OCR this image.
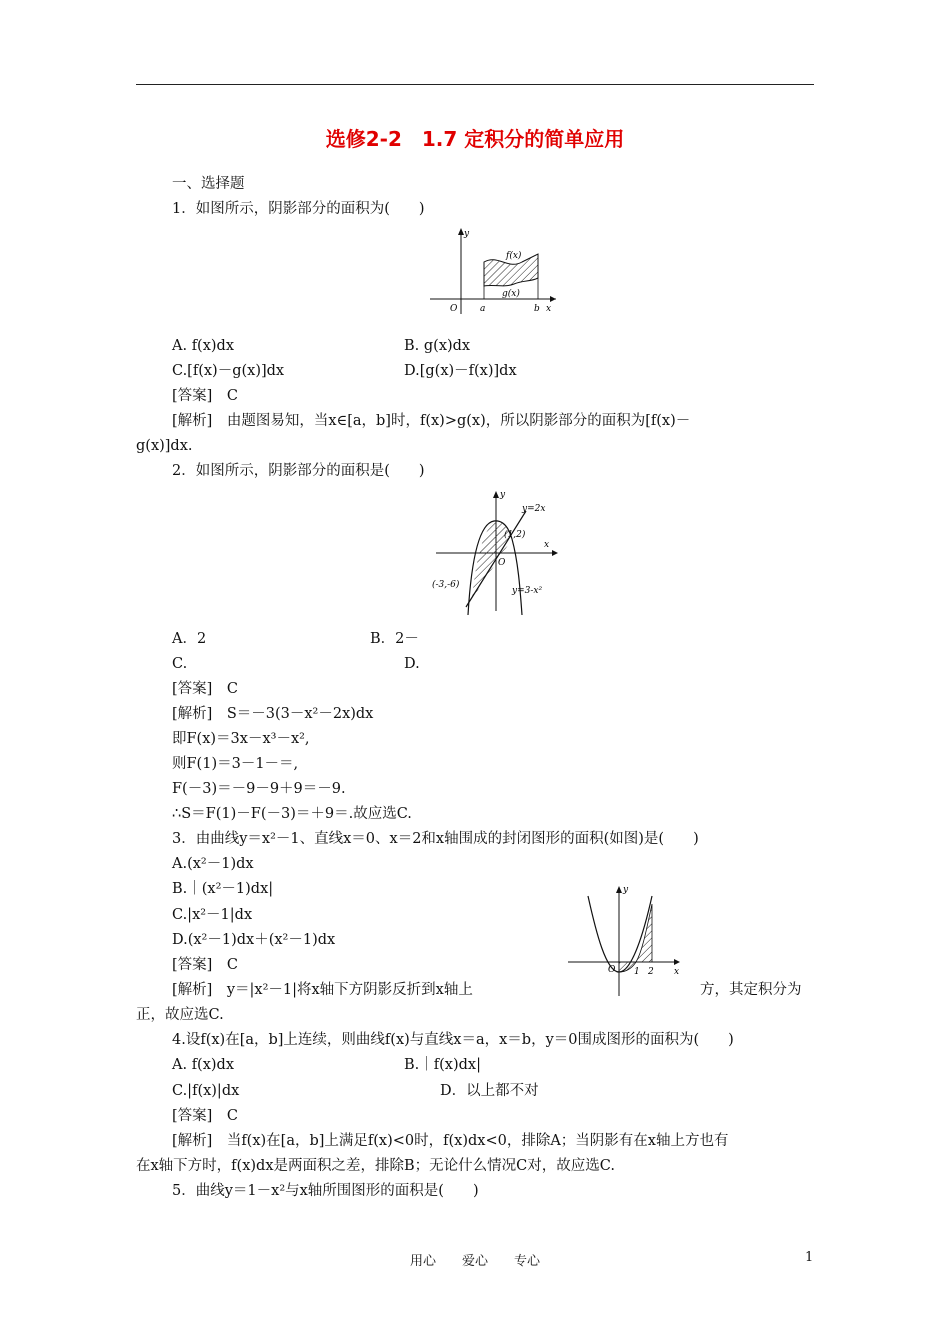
选修2-2　1.7 定积分的简单应用
一、选择题
1．如图所示，阴影部分的面积为(　　)
y
O	a	b x
f(x)
g(x)
A. f(x)dx	B. g(x)dx
C.[f(x)－g(x)]dx	D.[g(x)－f(x)]dx
[答案]　C
[解析]　由题图易知，当x∈[a，b]时，f(x)>g(x)，所以阴影部分的面积为[f(x)－
g(x)]dx.
2．如图所示，阴影部分的面积是(　　)
y
O
x
y=2x
(1,2)
(-3,-6)
y=3-x²
A．2	B．2－
C.	D.
[答案]　C
[解析]　S＝－3(3－x²－2x)dx
即F(x)＝3x－x³－x²,
则F(1)＝3－1－＝,
F(－3)＝－9－9＋9＝－9.
∴S＝F(1)－F(－3)＝＋9＝.故应选C.
3．由曲线y＝x²－1、直线x＝0、x＝2和x轴围成的封闭图形的面积(如图)是(　　)
A.(x²－1)dx
B.｜(x²－1)dx|
C.|x²－1|dx
D.(x²－1)dx＋(x²－1)dx
[答案]　C
[解析]　y＝|x²－1|将x轴下方阴影反折到x轴上	方，其定积分为
正，故应选C.
y
O 1 2 x
4.设f(x)在[a，b]上连续，则曲线f(x)与直线x＝a，x＝b，y＝0围成图形的面积为(　　)
A. f(x)dx	B.｜f(x)dx|
C.|f(x)|dx	D．以上都不对
[答案]　C
[解析]　当f(x)在[a，b]上满足f(x)<0时，f(x)dx<0，排除A；当阴影有在x轴上方也有
在x轴下方时，f(x)dx是两面积之差，排除B；无论什么情况C对，故应选C.
5．曲线y＝1－x²与x轴所围图形的面积是(　　)
用心　　爱心　　专心	1
